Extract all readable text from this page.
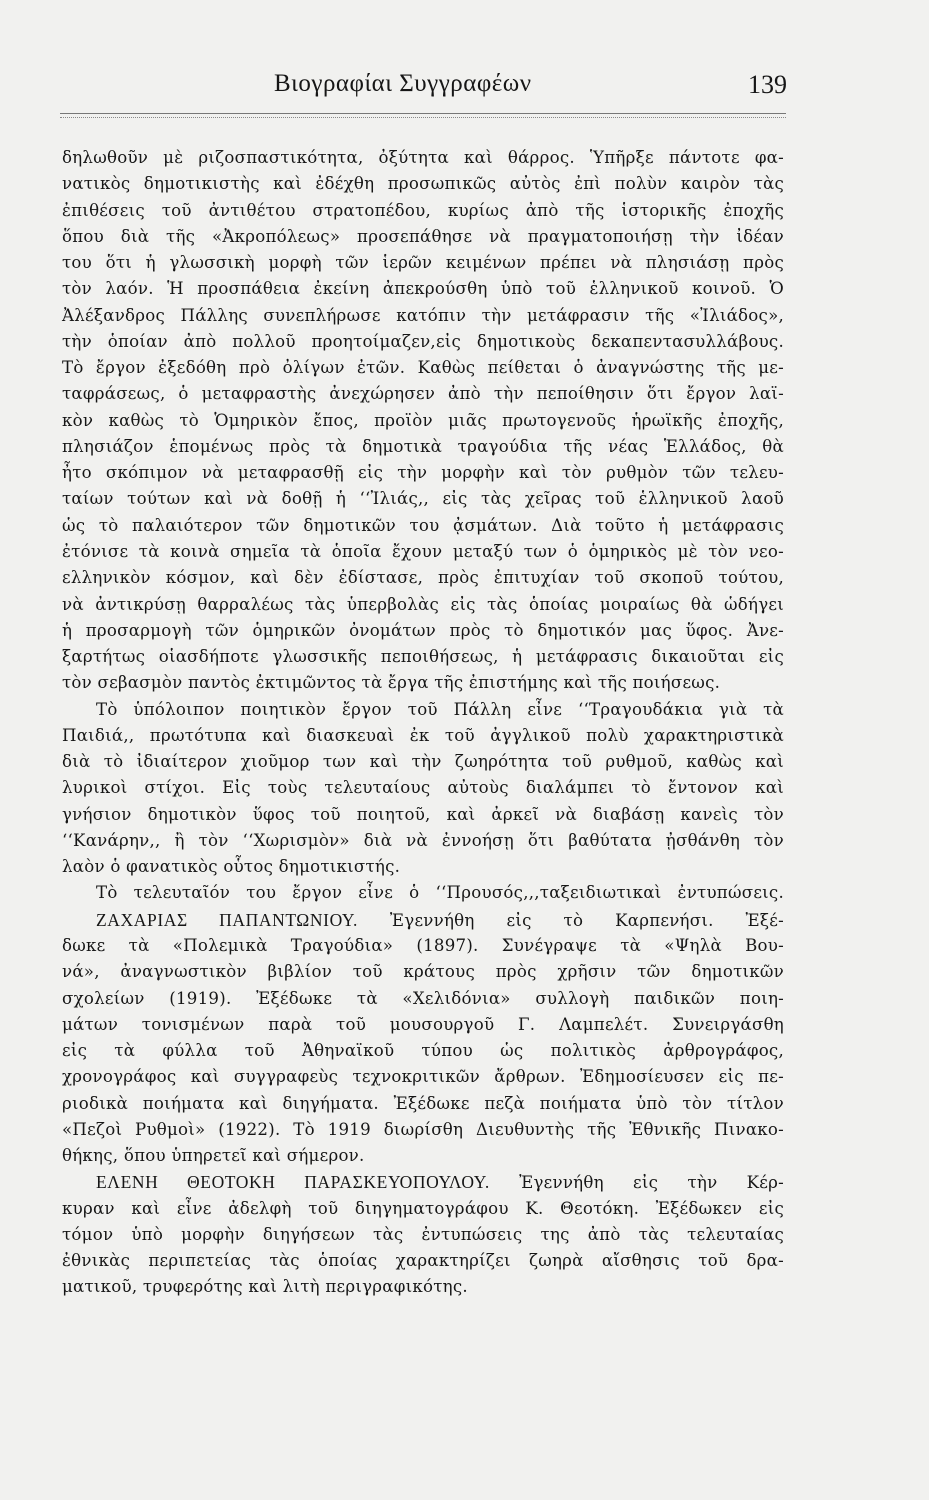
Βιογραφίαι Συγγραφέων	139
δηλωθοῦν μὲ ριζοσπαστικότητα, ὀξύτητα καὶ θάρρος. Ὑπῆρξε πάντοτε φα-
νατικὸς δημοτικιστὴς καὶ ἐδέχθη προσωπικῶς αὐτὸς ἐπὶ πολὺν καιρὸν τὰς
ἐπιθέσεις τοῦ ἀντιθέτου στρατοπέδου, κυρίως ἀπὸ τῆς ἱστορικῆς ἐποχῆς
ὅπου διὰ τῆς «Ἀκροπόλεως» προσεπάθησε νὰ πραγματοποιήσῃ τὴν ἰδέαν
του ὅτι ἡ γλωσσικὴ μορφὴ τῶν ἱερῶν κειμένων πρέπει νὰ πλησιάσῃ πρὸς
τὸν λαόν. Ἡ προσπάθεια ἐκείνη ἀπεκρούσθη ὑπὸ τοῦ ἑλληνικοῦ κοινοῦ. Ὁ
Ἀλέξανδρος Πάλλης συνεπλήρωσε κατόπιν τὴν μετάφρασιν τῆς «Ἰλιάδος»,
τὴν ὁποίαν ἀπὸ πολλοῦ προητοίμαζεν,εἰς δημοτικοὺς δεκαπεντασυλλάβους.
Τὸ ἔργον ἐξεδόθη πρὸ ὀλίγων ἐτῶν. Καθὼς πείθεται ὁ ἀναγνώστης τῆς με-
ταφράσεως, ὁ μεταφραστὴς ἀνεχώρησεν ἀπὸ τὴν πεποίθησιν ὅτι ἔργον λαϊ-
κὸν καθὼς τὸ Ὁμηρικὸν ἔπος, προϊὸν μιᾶς πρωτογενοῦς ἡρωϊκῆς ἐποχῆς,
πλησιάζον ἑπομένως πρὸς τὰ δημοτικὰ τραγούδια τῆς νέας Ἑλλάδος, θὰ
ἦτο σκόπιμον νὰ μεταφρασθῇ εἰς τὴν μορφὴν καὶ τὸν ρυθμὸν τῶν τελευ-
ταίων τούτων καὶ νὰ δοθῇ ἡ ‘‘Ἰλιάς,, εἰς τὰς χεῖρας τοῦ ἑλληνικοῦ λαοῦ
ὡς τὸ παλαιότερον τῶν δημοτικῶν του ᾀσμάτων. Διὰ τοῦτο ἡ μετάφρασις
ἐτόνισε τὰ κοινὰ σημεῖα τὰ ὁποῖα ἔχουν μεταξύ των ὁ ὁμηρικὸς μὲ τὸν νεο-
ελληνικὸν κόσμον, καὶ δὲν ἐδίστασε, πρὸς ἐπιτυχίαν τοῦ σκοποῦ τούτου,
νὰ ἀντικρύσῃ θαρραλέως τὰς ὑπερβολὰς εἰς τὰς ὁποίας μοιραίως θὰ ὡδήγει
ἡ προσαρμογὴ τῶν ὁμηρικῶν ὀνομάτων πρὸς τὸ δημοτικόν μας ὕφος. Ἀνε-
ξαρτήτως οἱασδήποτε γλωσσικῆς πεποιθήσεως, ἡ μετάφρασις δικαιοῦται εἰς
τὸν σεβασμὸν παντὸς ἐκτιμῶντος τὰ ἔργα τῆς ἐπιστήμης καὶ τῆς ποιήσεως.
Τὸ ὑπόλοιπον ποιητικὸν ἔργον τοῦ Πάλλη εἶνε ‘‘Τραγουδάκια γιὰ τὰ
Παιδιά,, πρωτότυπα καὶ διασκευαὶ ἐκ τοῦ ἀγγλικοῦ πολὺ χαρακτηριστικὰ
διὰ τὸ ἰδιαίτερον χιοῦμορ των καὶ τὴν ζωηρότητα τοῦ ρυθμοῦ, καθὼς καὶ
λυρικοὶ στίχοι. Εἰς τοὺς τελευταίους αὐτοὺς διαλάμπει τὸ ἔντονον καὶ
γνήσιον δημοτικὸν ὕφος τοῦ ποιητοῦ, καὶ ἀρκεῖ νὰ διαβάσῃ κανεὶς τὸν
‘‘Κανάρην,, ἢ τὸν ‘‘Χωρισμὸν» διὰ νὰ ἐννοήσῃ ὅτι βαθύτατα ᾐσθάνθη τὸν
λαὸν ὁ φανατικὸς οὗτος δημοτικιστής.
Τὸ τελευταῖόν του ἔργον εἶνε ὁ ‘‘Προυσός,,,ταξειδιωτικαὶ ἐντυπώσεις.
ΖΑΧΑΡΙΑΣ ΠΑΠΑΝΤΩΝΙΟΥ. Ἐγεννήθη εἰς τὸ Καρπενήσι. Ἐξέ-
δωκε τὰ «Πολεμικὰ Τραγούδια» (1897). Συνέγραψε τὰ «Ψηλὰ Βου-
νά», ἀναγνωστικὸν βιβλίον τοῦ κράτους πρὸς χρῆσιν τῶν δημοτικῶν
σχολείων (1919). Ἐξέδωκε τὰ «Χελιδόνια» συλλογὴ παιδικῶν ποιη-
μάτων τονισμένων παρὰ τοῦ μουσουργοῦ Γ. Λαμπελέτ. Συνειργάσθη
εἰς τὰ φύλλα τοῦ Ἀθηναϊκοῦ τύπου ὡς πολιτικὸς ἀρθρογράφος,
χρονογράφος καὶ συγγραφεὺς τεχνοκριτικῶν ἄρθρων. Ἐδημοσίευσεν εἰς πε-
ριοδικὰ ποιήματα καὶ διηγήματα. Ἐξέδωκε πεζὰ ποιήματα ὑπὸ τὸν τίτλον
«Πεζοὶ Ρυθμοὶ» (1922). Τὸ 1919 διωρίσθη Διευθυντὴς τῆς Ἐθνικῆς Πινακο-
θήκης, ὅπου ὑπηρετεῖ καὶ σήμερον.
ΕΛΕΝΗ ΘΕΟΤΟΚΗ ΠΑΡΑΣΚΕΥΟΠΟΥΛΟΥ. Ἐγεννήθη εἰς τὴν Κέρ-
κυραν καὶ εἶνε ἀδελφὴ τοῦ διηγηματογράφου Κ. Θεοτόκη. Ἐξέδωκεν εἰς
τόμον ὑπὸ μορφὴν διηγήσεων τὰς ἐντυπώσεις της ἀπὸ τὰς τελευταίας
ἐθνικὰς περιπετείας τὰς ὁποίας χαρακτηρίζει ζωηρὰ αἴσθησις τοῦ δρα-
ματικοῦ, τρυφερότης καὶ λιτὴ περιγραφικότης.
